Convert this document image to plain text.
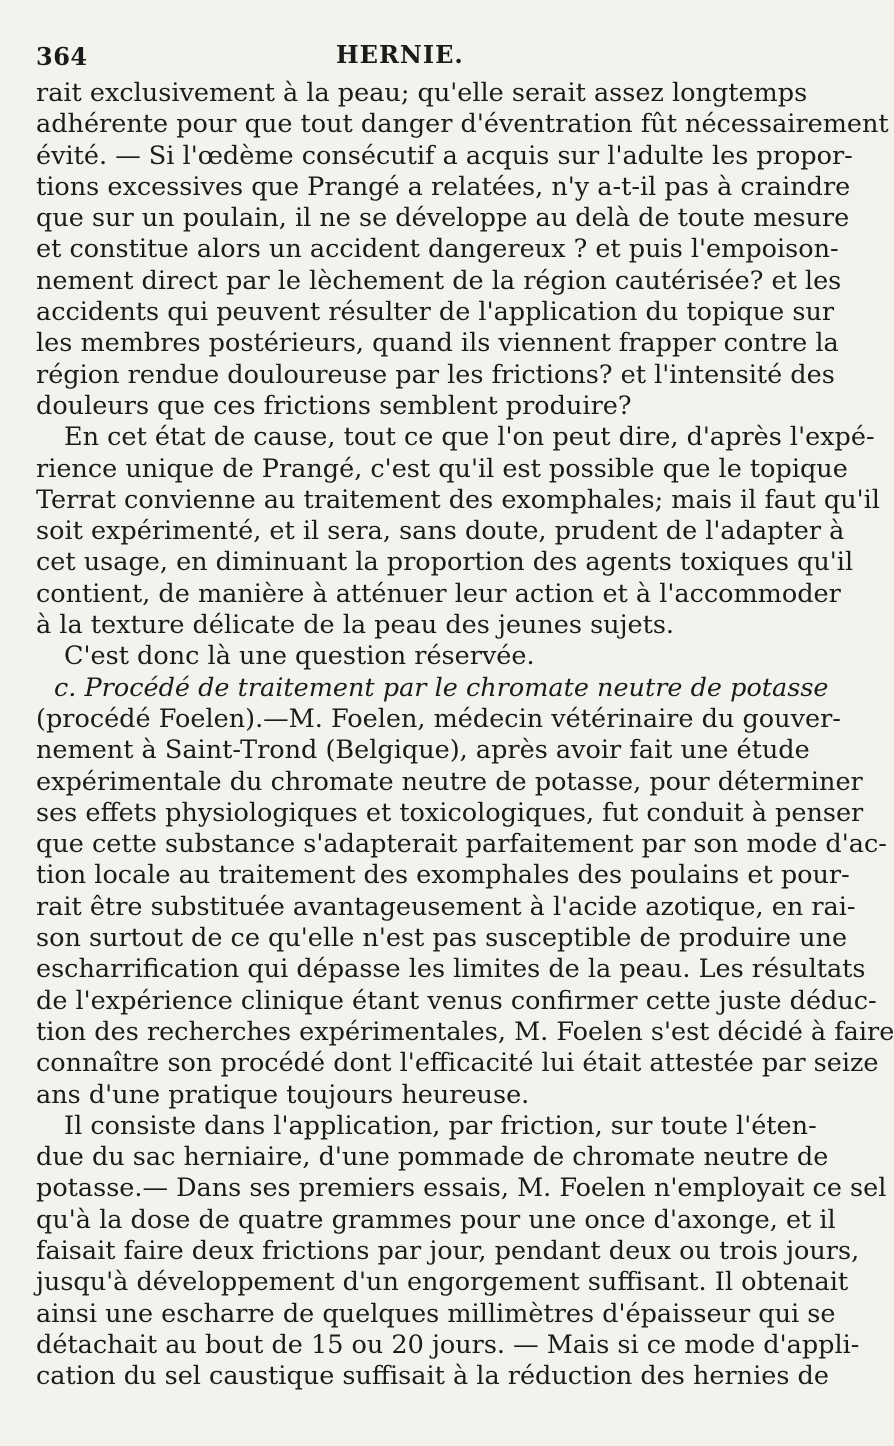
364	HERNIE.
rait exclusivement à la peau; qu'elle serait assez longtemps
adhérente pour que tout danger d'éventration fût nécessairement
évité. — Si l'œdème consécutif a acquis sur l'adulte les propor-
tions excessives que Prangé a relatées, n'y a-t-il pas à craindre
que sur un poulain, il ne se développe au delà de toute mesure
et constitue alors un accident dangereux ? et puis l'empoison-
nement direct par le lèchement de la région cautérisée? et les
accidents qui peuvent résulter de l'application du topique sur
les membres postérieurs, quand ils viennent frapper contre la
région rendue douloureuse par les frictions? et l'intensité des
douleurs que ces frictions semblent produire?
En cet état de cause, tout ce que l'on peut dire, d'après l'expé-
rience unique de Prangé, c'est qu'il est possible que le topique
Terrat convienne au traitement des exomphales; mais il faut qu'il
soit expérimenté, et il sera, sans doute, prudent de l'adapter à
cet usage, en diminuant la proportion des agents toxiques qu'il
contient, de manière à atténuer leur action et à l'accommoder
à la texture délicate de la peau des jeunes sujets.
C'est donc là une question réservée.
c. Procédé de traitement par le chromate neutre de potasse
(procédé Foelen).—M. Foelen, médecin vétérinaire du gouver-
nement à Saint-Trond (Belgique), après avoir fait une étude
expérimentale du chromate neutre de potasse, pour déterminer
ses effets physiologiques et toxicologiques, fut conduit à penser
que cette substance s'adapterait parfaitement par son mode d'ac-
tion locale au traitement des exomphales des poulains et pour-
rait être substituée avantageusement à l'acide azotique, en rai-
son surtout de ce qu'elle n'est pas susceptible de produire une
escharrification qui dépasse les limites de la peau. Les résultats
de l'expérience clinique étant venus confirmer cette juste déduc-
tion des recherches expérimentales, M. Foelen s'est décidé à faire
connaître son procédé dont l'efficacité lui était attestée par seize
ans d'une pratique toujours heureuse.
Il consiste dans l'application, par friction, sur toute l'éten-
due du sac herniaire, d'une pommade de chromate neutre de
potasse.— Dans ses premiers essais, M. Foelen n'employait ce sel
qu'à la dose de quatre grammes pour une once d'axonge, et il
faisait faire deux frictions par jour, pendant deux ou trois jours,
jusqu'à développement d'un engorgement suffisant. Il obtenait
ainsi une escharre de quelques millimètres d'épaisseur qui se
détachait au bout de 15 ou 20 jours. — Mais si ce mode d'appli-
cation du sel caustique suffisait à la réduction des hernies de
